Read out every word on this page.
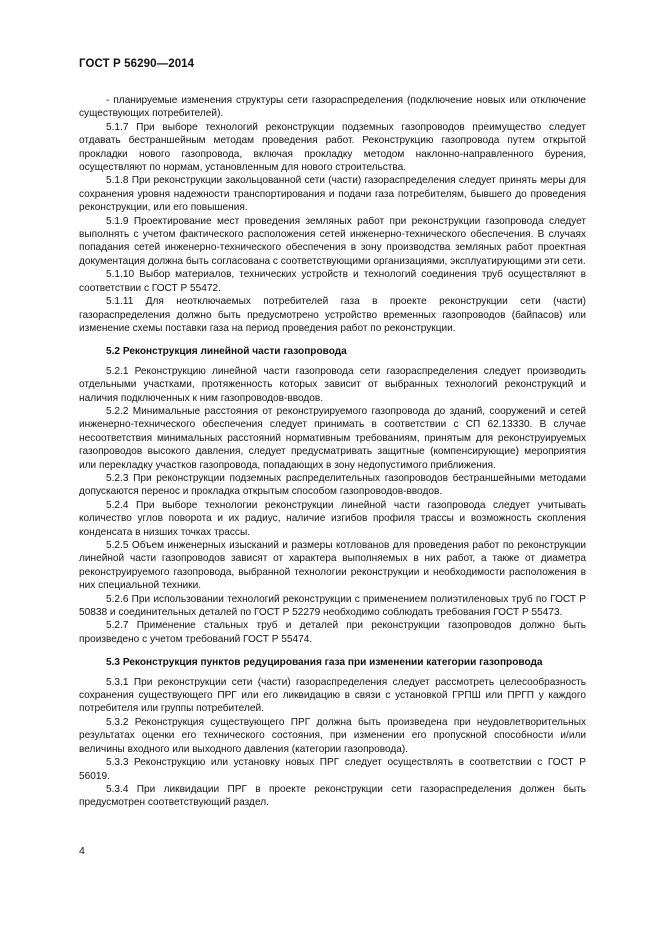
ГОСТ Р 56290—2014

- планируемые изменения структуры сети газораспределения (подключение новых или отключение существующих потребителей).

5.1.7 При выборе технологий реконструкции подземных газопроводов преимущество следует отдавать бестраншейным методам проведения работ. Реконструкцию газопровода путем открытой прокладки нового газопровода, включая прокладку методом наклонно-направленного бурения, осуществляют по нормам, установленным для нового строительства.

5.1.8 При реконструкции закольцованной сети (части) газораспределения следует принять меры для сохранения уровня надежности транспортирования и подачи газа потребителям, бывшего до проведения реконструкции, или его повышения.

5.1.9 Проектирование мест проведения земляных работ при реконструкции газопровода следует выполнять с учетом фактического расположения сетей инженерно-технического обеспечения. В случаях попадания сетей инженерно-технического обеспечения в зону производства земляных работ проектная документация должна быть согласована с соответствующими организациями, эксплуатирующими эти сети.

5.1.10 Выбор материалов, технических устройств и технологий соединения труб осуществляют в соответствии с ГОСТ Р 55472.

5.1.11 Для неотключаемых потребителей газа в проекте реконструкции сети (части) газораспределения должно быть предусмотрено устройство временных газопроводов (байпасов) или изменение схемы поставки газа на период проведения работ по реконструкции.

5.2 Реконструкция линейной части газопровода

5.2.1 Реконструкцию линейной части газопровода сети газораспределения следует производить отдельными участками, протяженность которых зависит от выбранных технологий реконструкций и наличия подключенных к ним газопроводов-вводов.

5.2.2 Минимальные расстояния от реконструируемого газопровода до зданий, сооружений и сетей инженерно-технического обеспечения следует принимать в соответствии с СП 62.13330. В случае несоответствия минимальных расстояний нормативным требованиям, принятым для реконструируемых газопроводов высокого давления, следует предусматривать защитные (компенсирующие) мероприятия или перекладку участков газопровода, попадающих в зону недопустимого приближения.

5.2.3 При реконструкции подземных распределительных газопроводов бестраншейными методами допускаются перенос и прокладка открытым способом газопроводов-вводов.

5.2.4 При выборе технологии реконструкции линейной части газопровода следует учитывать количество углов поворота и их радиус, наличие изгибов профиля трассы и возможность скопления конденсата в низших точках трассы.

5.2.5 Объем инженерных изысканий и размеры котлованов для проведения работ по реконструкции линейной части газопроводов зависят от характера выполняемых в них работ, а также от диаметра реконструируемого газопровода, выбранной технологии реконструкции и необходимости расположения в них специальной техники.

5.2.6 При использовании технологий реконструкции с применением полиэтиленовых труб по ГОСТ Р 50838 и соединительных деталей по ГОСТ Р 52279 необходимо соблюдать требования ГОСТ Р 55473.

5.2.7 Применение стальных труб и деталей при реконструкции газопроводов должно быть произведено с учетом требований ГОСТ Р 55474.

5.3 Реконструкция пунктов редуцирования газа при изменении категории газопровода

5.3.1 При реконструкции сети (части) газораспределения следует рассмотреть целесообразность сохранения существующего ПРГ или его ликвидацию в связи с установкой ГРПШ или ПРГП у каждого потребителя или группы потребителей.

5.3.2 Реконструкция существующего ПРГ должна быть произведена при неудовлетворительных результатах оценки его технического состояния, при изменении его пропускной способности и/или величины входного или выходного давления (категории газопровода).

5.3.3 Реконструкцию или установку новых ПРГ следует осуществлять в соответствии с ГОСТ Р 56019.

5.3.4 При ликвидации ПРГ в проекте реконструкции сети газораспределения должен быть предусмотрен соответствующий раздел.

4
